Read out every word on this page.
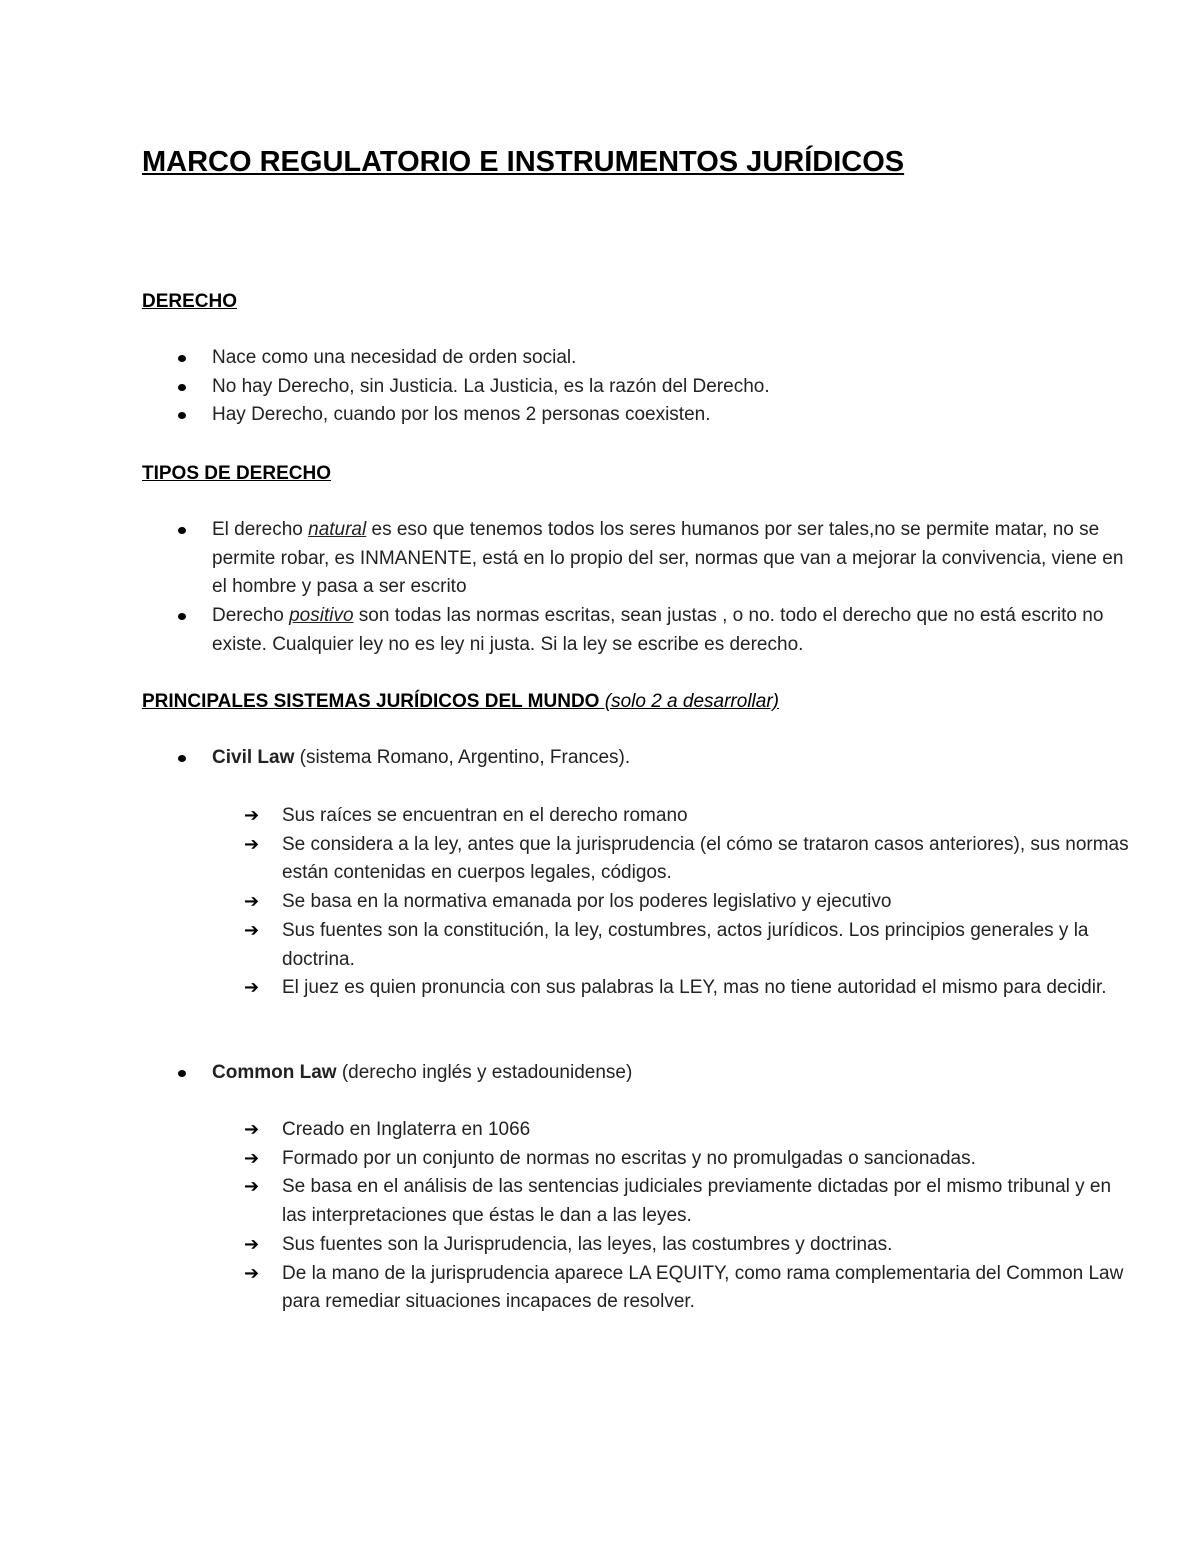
MARCO REGULATORIO E INSTRUMENTOS JURÍDICOS
DERECHO
Nace como una necesidad de orden social.
No hay Derecho, sin Justicia. La Justicia, es la razón del Derecho.
Hay Derecho, cuando por los menos 2 personas coexisten.
TIPOS DE DERECHO
El derecho natural es eso que tenemos todos los seres humanos por ser tales,no se permite matar, no se permite robar, es INMANENTE, está en lo propio del ser, normas que van a mejorar la convivencia, viene en el hombre y pasa a ser escrito
Derecho positivo son todas las normas escritas, sean justas , o no. todo el derecho que no está escrito no existe. Cualquier ley no es ley ni justa. Si la ley se escribe es derecho.
PRINCIPALES SISTEMAS JURÍDICOS DEL MUNDO (solo 2 a desarrollar)
Civil Law (sistema Romano, Argentino, Frances).
➔ Sus raíces se encuentran en el derecho romano
➔ Se considera a la ley, antes que la jurisprudencia (el cómo se trataron casos anteriores), sus normas están contenidas en cuerpos legales, códigos.
➔ Se basa en la normativa emanada por los poderes legislativo y ejecutivo
➔ Sus fuentes son la constitución, la ley, costumbres, actos jurídicos. Los principios generales y la doctrina.
➔ El juez es quien pronuncia con sus palabras la LEY, mas no tiene autoridad el mismo para decidir.
Common Law (derecho inglés y estadounidense)
➔ Creado en Inglaterra en 1066
➔ Formado por un conjunto de normas no escritas y no promulgadas o sancionadas.
➔ Se basa en el análisis de las sentencias judiciales previamente dictadas por el mismo tribunal y en las interpretaciones que éstas le dan a las leyes.
➔ Sus fuentes son la Jurisprudencia, las leyes, las costumbres y doctrinas.
➔ De la mano de la jurisprudencia aparece LA EQUITY, como rama complementaria del Common Law para remediar situaciones incapaces de resolver.
